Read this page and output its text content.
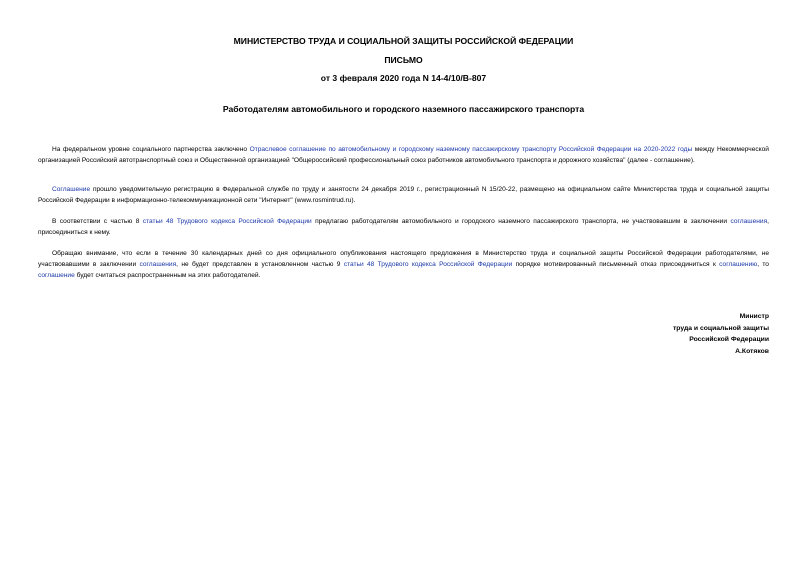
МИНИСТЕРСТВО ТРУДА И СОЦИАЛЬНОЙ ЗАЩИТЫ РОССИЙСКОЙ ФЕДЕРАЦИИ
ПИСЬМО
от 3 февраля 2020 года N 14-4/10/В-807
Работодателям автомобильного и городского наземного пассажирского транспорта

На федеральном уровне социального партнерства заключено Отраслевое соглашение по автомобильному и городскому наземному пассажирскому транспорту Российской Федерации на 2020-2022 годы между Некоммерческой организацией Российский автотранспортный союз и Общественной организацией "Общероссийский профессиональный союз работников автомобильного транспорта и дорожного хозяйства" (далее - соглашение).

Соглашение прошло уведомительную регистрацию в Федеральной службе по труду и занятости 24 декабря 2019 г., регистрационный N 15/20-22, размещено на официальном сайте Министерства труда и социальной защиты Российской Федерации в информационно-телекоммуникационной сети "Интернет" (www.rosmintrud.ru).

В соответствии с частью 8 статьи 48 Трудового кодекса Российской Федерации предлагаю работодателям автомобильного и городского наземного пассажирского транспорта, не участвовавшим в заключении соглашения, присоединиться к нему.

Обращаю внимание, что если в течение 30 календарных дней со дня официального опубликования настоящего предложения в Министерство труда и социальной защиты Российской Федерации работодателями, не участвовавшими в заключении соглашения, не будет представлен в установленном частью 9 статьи 48 Трудового кодекса Российской Федерации порядке мотивированный письменный отказ присоединиться к соглашению, то соглашение будет считаться распространенным на этих работодателей.

Министр
труда и социальной защиты
Российской Федерации
А.Котяков
